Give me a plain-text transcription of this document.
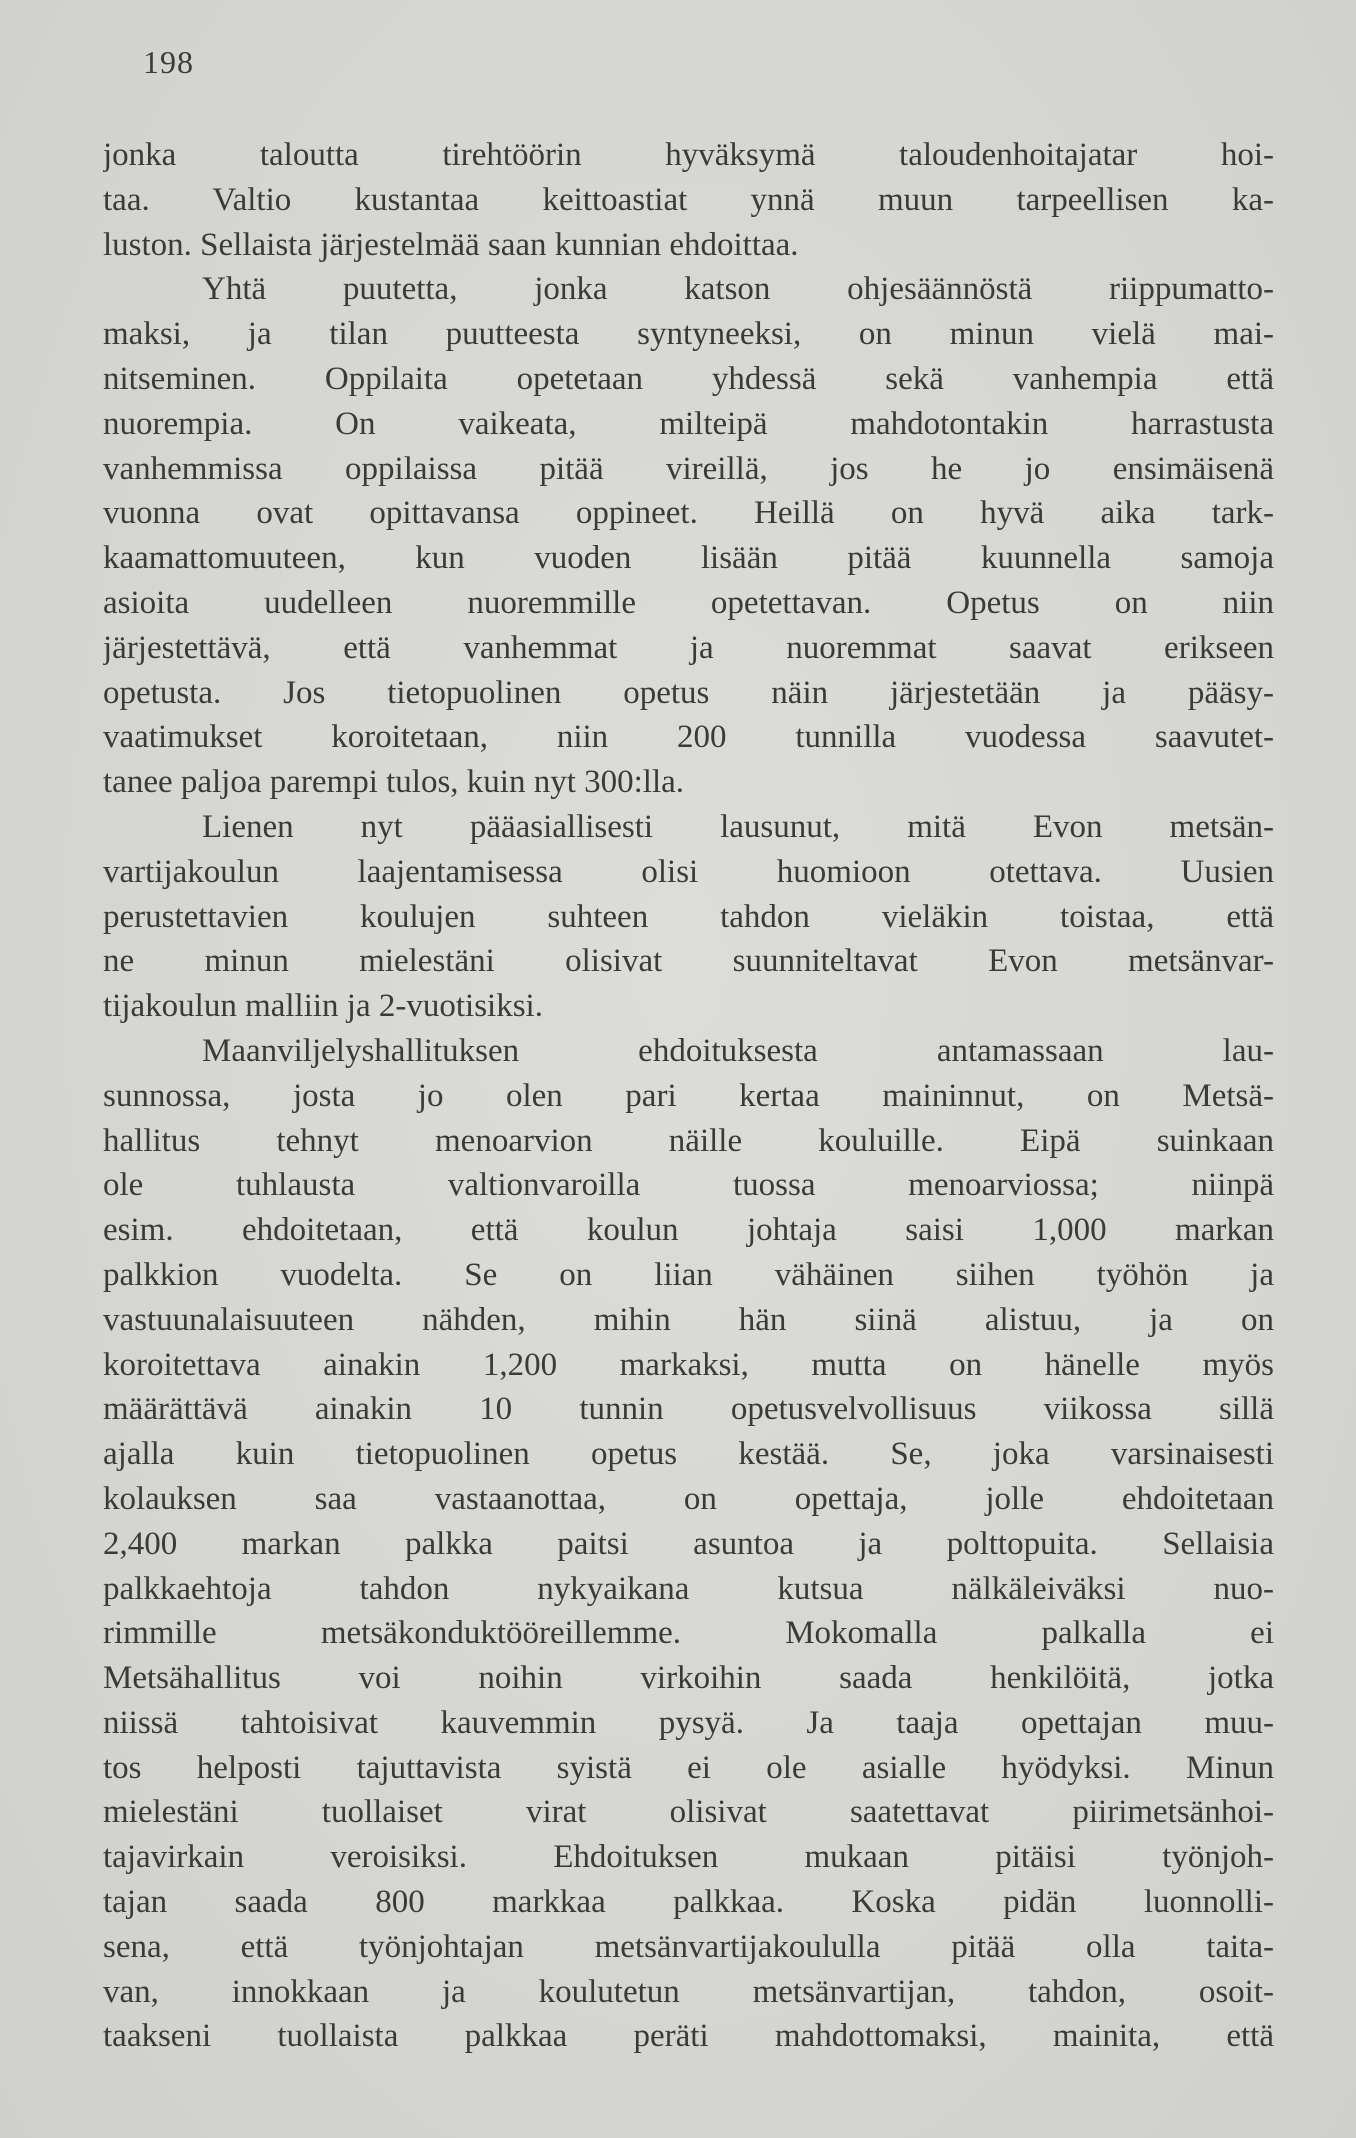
198
jonka taloutta tirehtöörin hyväksymä taloudenhoitajatar hoi-
taa. Valtio kustantaa keittoastiat ynnä muun tarpeellisen ka-
luston. Sellaista järjestelmää saan kunnian ehdoittaa.
Yhtä puutetta, jonka katson ohjesäännöstä riippumatto-
maksi, ja tilan puutteesta syntyneeksi, on minun vielä mai-
nitseminen. Oppilaita opetetaan yhdessä sekä vanhempia että
nuorempia. On vaikeata, milteipä mahdotontakin harrastusta
vanhemmissa oppilaissa pitää vireillä, jos he jo ensimäisenä
vuonna ovat opittavansa oppineet. Heillä on hyvä aika tark-
kaamattomuuteen, kun vuoden lisään pitää kuunnella samoja
asioita uudelleen nuoremmille opetettavan. Opetus on niin
järjestettävä, että vanhemmat ja nuoremmat saavat erikseen
opetusta. Jos tietopuolinen opetus näin järjestetään ja pääsy-
vaatimukset koroitetaan, niin 200 tunnilla vuodessa saavutet-
tanee paljoa parempi tulos, kuin nyt 300:lla.
Lienen nyt pääasiallisesti lausunut, mitä Evon metsän-
vartijakoulun laajentamisessa olisi huomioon otettava. Uusien
perustettavien koulujen suhteen tahdon vieläkin toistaa, että
ne minun mielestäni olisivat suunniteltavat Evon metsänvar-
tijakoulun malliin ja 2-vuotisiksi.
Maanviljelyshallituksen ehdoituksesta antamassaan lau-
sunnossa, josta jo olen pari kertaa maininnut, on Metsä-
hallitus tehnyt menoarvion näille kouluille. Eipä suinkaan
ole tuhlausta valtionvaroilla tuossa menoarviossa; niinpä
esim. ehdoitetaan, että koulun johtaja saisi 1,000 markan
palkkion vuodelta. Se on liian vähäinen siihen työhön ja
vastuunalaisuuteen nähden, mihin hän siinä alistuu, ja on
koroitettava ainakin 1,200 markaksi, mutta on hänelle myös
määrättävä ainakin 10 tunnin opetusvelvollisuus viikossa sillä
ajalla kuin tietopuolinen opetus kestää. Se, joka varsinaisesti
kolauksen saa vastaanottaa, on opettaja, jolle ehdoitetaan
2,400 markan palkka paitsi asuntoa ja polttopuita. Sellaisia
palkkaehtoja tahdon nykyaikana kutsua nälkäleiväksi nuo-
rimmille metsäkonduktööreillemme. Mokomalla palkalla ei
Metsähallitus voi noihin virkoihin saada henkilöitä, jotka
niissä tahtoisivat kauvemmin pysyä. Ja taaja opettajan muu-
tos helposti tajuttavista syistä ei ole asialle hyödyksi. Minun
mielestäni tuollaiset virat olisivat saatettavat piirimetsänhoi-
tajavirkain veroisiksi. Ehdoituksen mukaan pitäisi työnjoh-
tajan saada 800 markkaa palkkaa. Koska pidän luonnolli-
sena, että työnjohtajan metsänvartijakoululla pitää olla taita-
van, innokkaan ja koulutetun metsänvartijan, tahdon, osoit-
taakseni tuollaista palkkaa peräti mahdottomaksi, mainita, että
